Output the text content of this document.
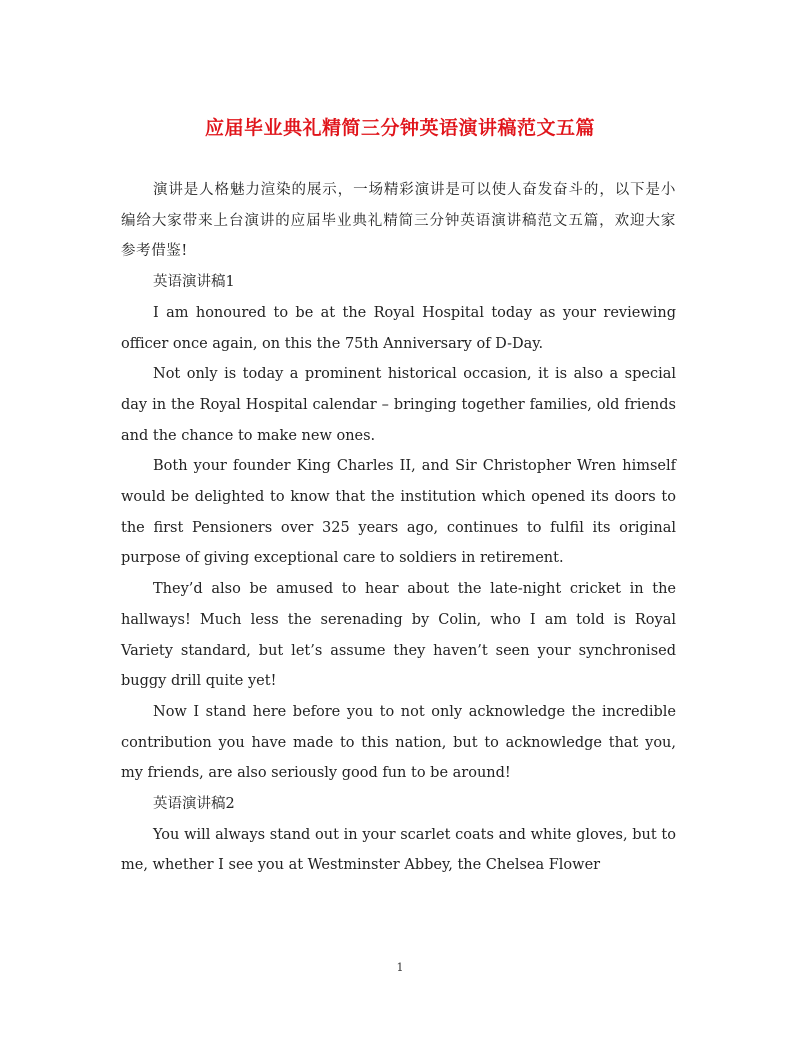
应届毕业典礼精简三分钟英语演讲稿范文五篇

演讲是人格魅力渲染的展示，一场精彩演讲是可以使人奋发奋斗的，以下是小编给大家带来上台演讲的应届毕业典礼精简三分钟英语演讲稿范文五篇，欢迎大家参考借鉴!

英语演讲稿1

I am honoured to be at the Royal Hospital today as your reviewing officer once again, on this the 75th Anniversary of D-Day.

Not only is today a prominent historical occasion, it is also a special day in the Royal Hospital calendar – bringing together families, old friends and the chance to make new ones.

Both your founder King Charles II, and Sir Christopher Wren himself would be delighted to know that the institution which opened its doors to the first Pensioners over 325 years ago, continues to fulfil its original purpose of giving exceptional care to soldiers in retirement.

They’d also be amused to hear about the late-night cricket in the hallways! Much less the serenading by Colin, who I am told is Royal Variety standard, but let’s assume they haven’t seen your synchronised buggy drill quite yet!

Now I stand here before you to not only acknowledge the incredible contribution you have made to this nation, but to acknowledge that you, my friends, are also seriously good fun to be around!

英语演讲稿2

You will always stand out in your scarlet coats and white gloves, but to me, whether I see you at Westminster Abbey, the Chelsea Flower

1
